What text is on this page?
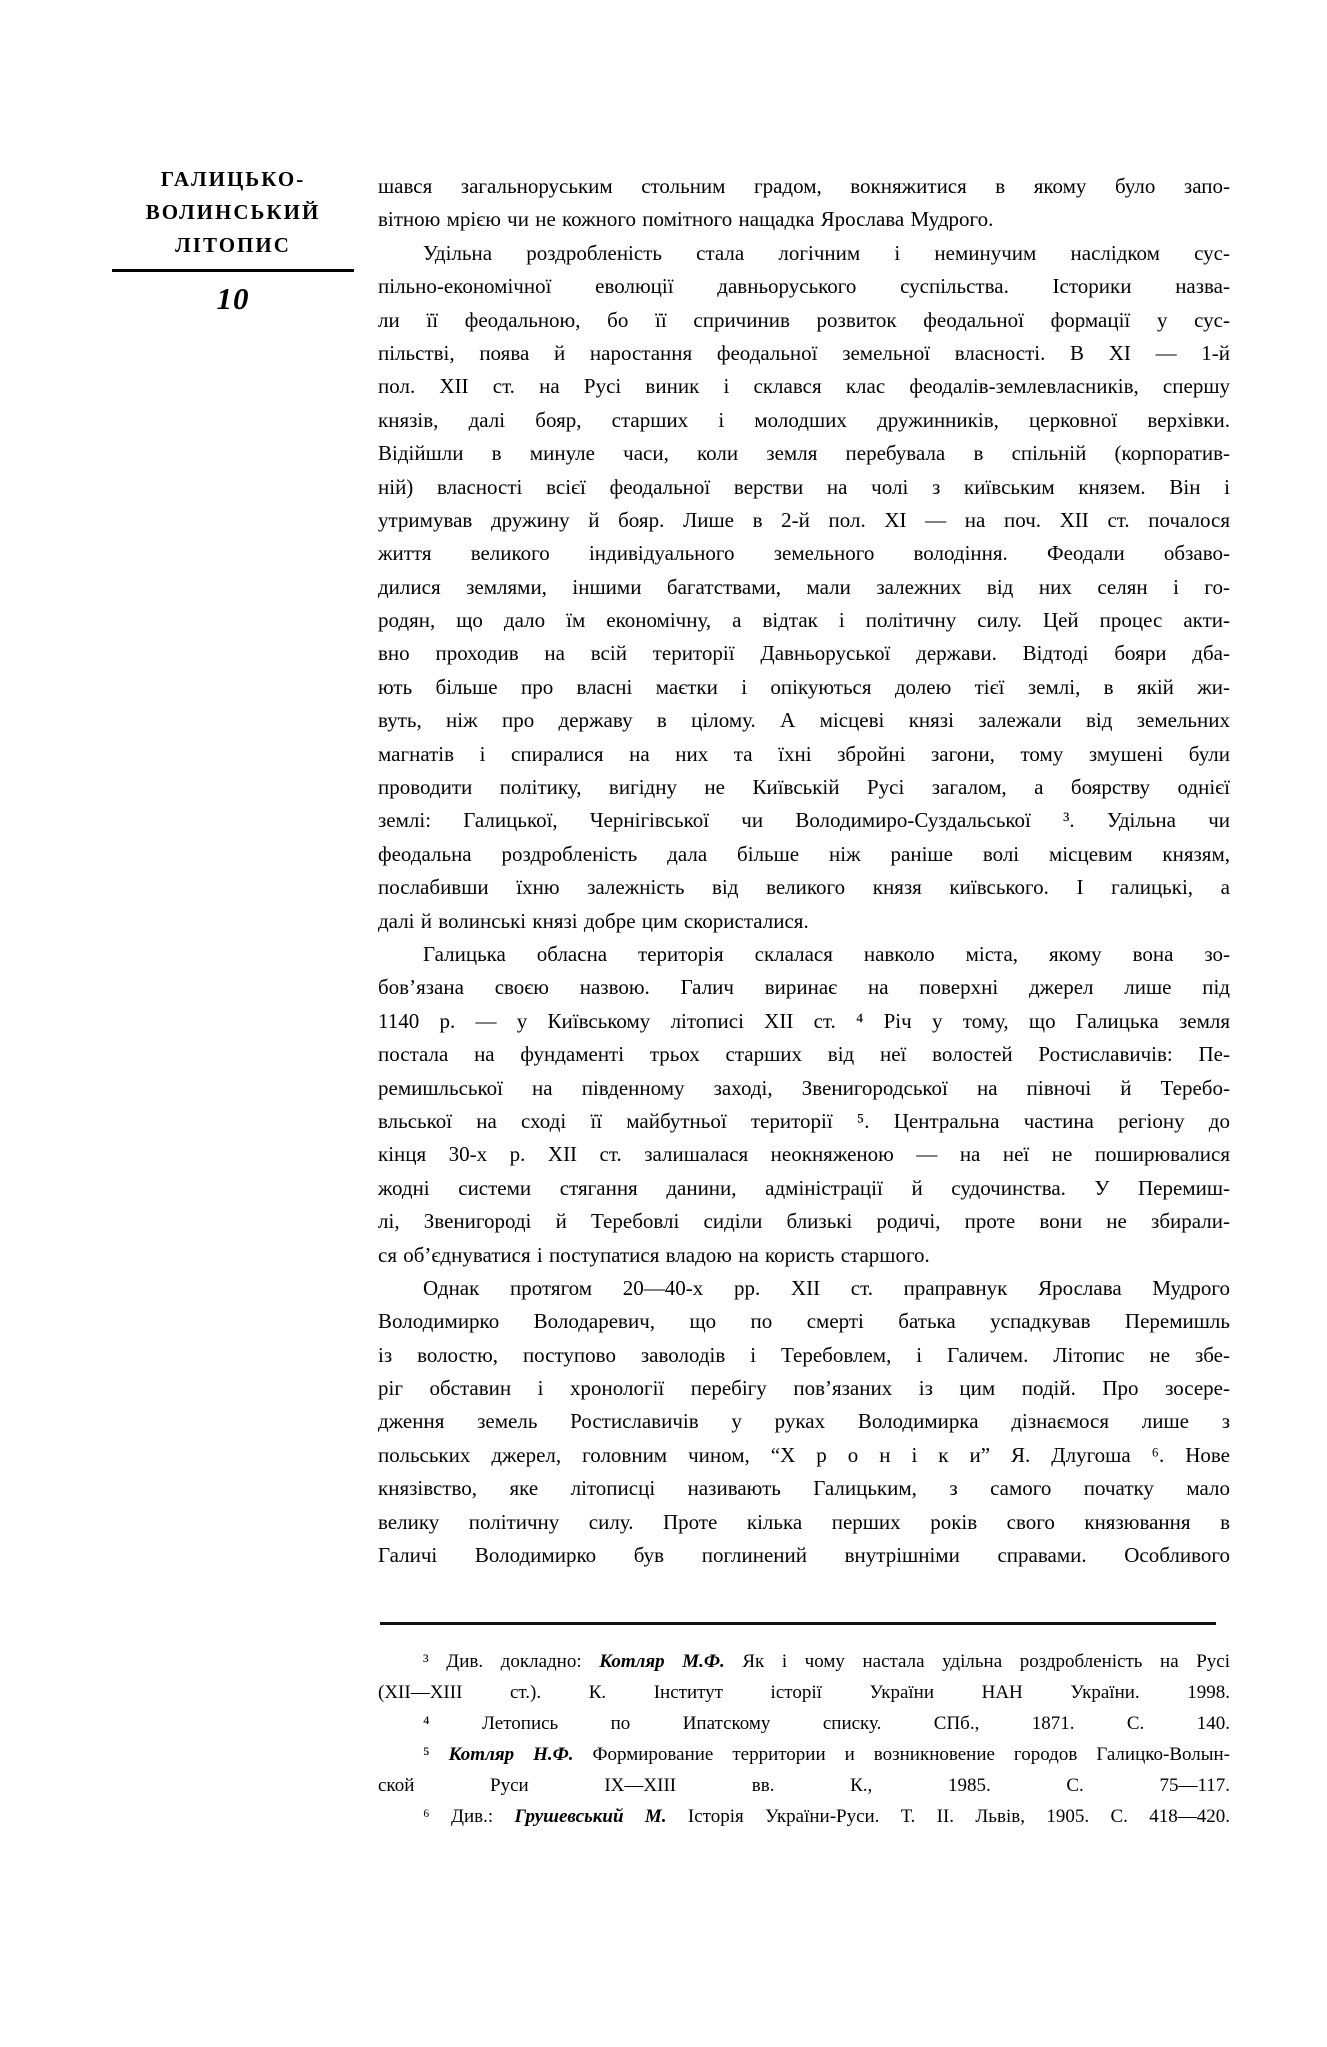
ГАЛИЦЬКО-
ВОЛИНСЬКИЙ
ЛІТОПИС
10
шався загальноруським стольним градом, вокняжитися в якому було запо-
вітною мрією чи не кожного помітного нащадка Ярослава Мудрого.
Удільна роздробленість стала логічним і неминучим наслідком сус-
пільно-економічної еволюції давньоруського суспільства. Історики назва-
ли її феодальною, бо її спричинив розвиток феодальної формації у сус-
пільстві, поява й наростання феодальної земельної власності. В XI — 1-й
пол. XII ст. на Русі виник і склався клас феодалів-землевласників, спершу
князів, далі бояр, старших і молодших дружинників, церковної верхівки.
Відійшли в минуле часи, коли земля перебувала в спільній (корпоратив-
ній) власності всієї феодальної верстви на чолі з київським князем. Він і
утримував дружину й бояр. Лише в 2-й пол. XI — на поч. XII ст. почалося
життя великого індивідуального земельного володіння. Феодали обзаво-
дилися землями, іншими багатствами, мали залежних від них селян і го-
родян, що дало їм економічну, а відтак і політичну силу. Цей процес акти-
вно проходив на всій території Давньоруської держави. Відтоді бояри дба-
ють більше про власні маєтки і опікуються долею тієї землі, в якій жи-
вуть, ніж про державу в цілому. А місцеві князі залежали від земельних
магнатів і спиралися на них та їхні збройні загони, тому змушені були
проводити політику, вигідну не Київській Русі загалом, а боярству однієї
землі: Галицької, Чернігівської чи Володимиро-Суздальської ³. Удільна чи
феодальна роздробленість дала більше ніж раніше волі місцевим князям,
послабивши їхню залежність від великого князя київського. І галицькі, а
далі й волинські князі добре цим скористалися.
Галицька обласна територія склалася навколо міста, якому вона зо-
бов’язана своєю назвою. Галич виринає на поверхні джерел лише під
1140 р. — у Київському літописі XII ст. ⁴ Річ у тому, що Галицька земля
постала на фундаменті трьох старших від неї волостей Ростиславичів: Пе-
ремишльської на південному заході, Звенигородської на півночі й Теребо-
вльської на сході її майбутньої території ⁵. Центральна частина регіону до
кінця 30-х р. XII ст. залишалася неокняженою — на неї не поширювалися
жодні системи стягання данини, адміністрації й судочинства. У Перемиш-
лі, Звенигороді й Теребовлі сиділи близькі родичі, проте вони не збирали-
ся об’єднуватися і поступатися владою на користь старшого.
Однак протягом 20—40-х рр. XII ст. праправнук Ярослава Мудрого
Володимирко Володаревич, що по смерті батька успадкував Перемишль
із волостю, поступово заволодів і Теребовлем, і Галичем. Літопис не збе-
ріг обставин і хронології перебігу пов’язаних із цим подій. Про зосере-
дження земель Ростиславичів у руках Володимирка дізнаємося лише з
польських джерел, головним чином, “Х р о н і к и” Я. Длугоша ⁶. Нове
князівство, яке літописці називають Галицьким, з самого початку мало
велику політичну силу. Проте кілька перших років свого князювання в
Галичі Володимирко був поглинений внутрішніми справами. Особливого
³ Див. докладно: Котляр М.Ф. Як і чому настала удільна роздробленість на Русі
(XII—XIII ст.). К. Інститут історії України НАН України. 1998.
⁴ Летопись по Ипатскому списку. СПб., 1871. С. 140.
⁵ Котляр Н.Ф. Формирование территории и возникновение городов Галицко-Волын-
ской Руси IX—XIII вв. К., 1985. С. 75—117.
⁶ Див.: Грушевський М. Історія України-Руси. Т. II. Львів, 1905. С. 418—420.
